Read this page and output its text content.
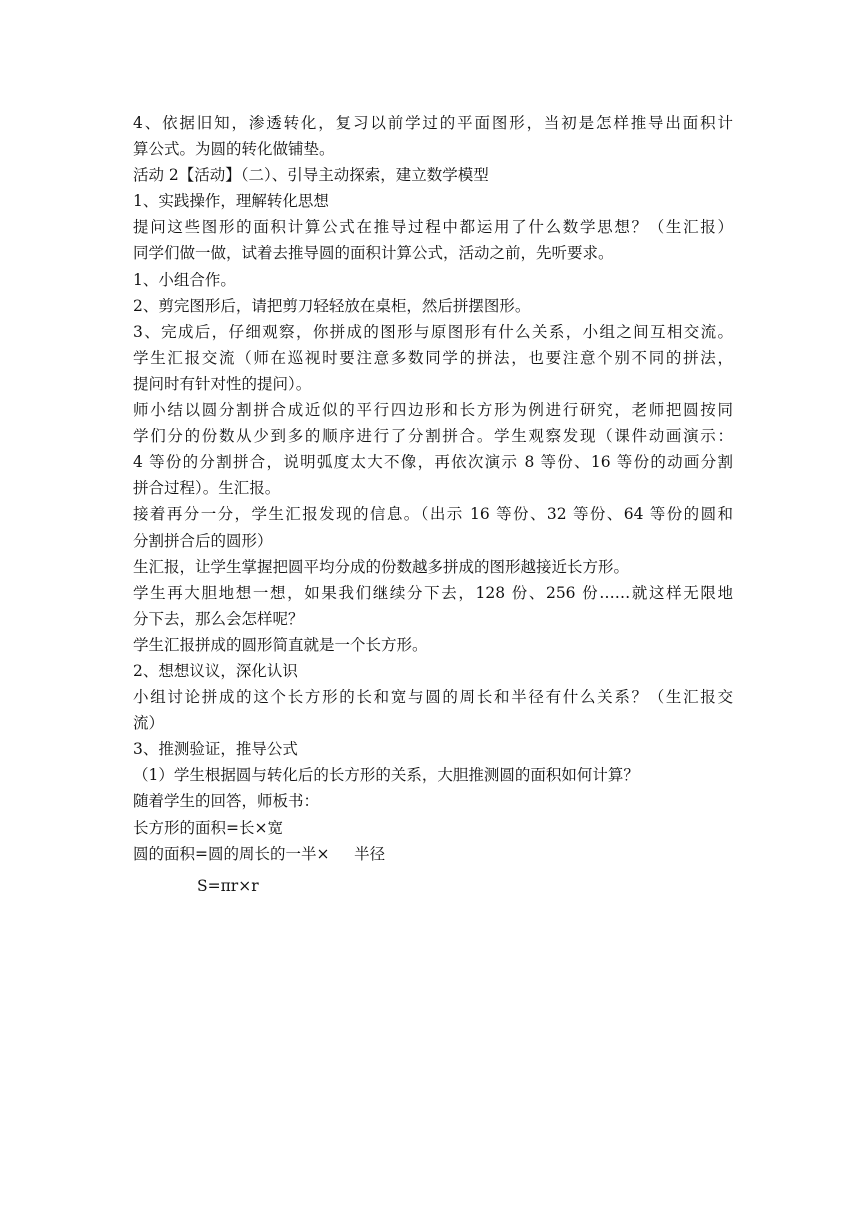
4、依据旧知，渗透转化，复习以前学过的平面图形，当初是怎样推导出面积计
算公式。为圆的转化做铺垫。
活动 2【活动】（二）、引导主动探索，建立数学模型
1、实践操作，理解转化思想
提问这些图形的面积计算公式在推导过程中都运用了什么数学思想？（生汇报）
同学们做一做，试着去推导圆的面积计算公式，活动之前，先听要求。
1、小组合作。
2、剪完图形后，请把剪刀轻轻放在桌柜，然后拼摆图形。
3、完成后，仔细观察，你拼成的图形与原图形有什么关系，小组之间互相交流。
学生汇报交流（师在巡视时要注意多数同学的拼法，也要注意个别不同的拼法，
提问时有针对性的提问）。
师小结以圆分割拼合成近似的平行四边形和长方形为例进行研究，老师把圆按同
学们分的份数从少到多的顺序进行了分割拼合。学生观察发现（课件动画演示：
4 等份的分割拼合，说明弧度太大不像，再依次演示 8 等份、16 等份的动画分割
拼合过程）。生汇报。
接着再分一分，学生汇报发现的信息。（出示 16 等份、32 等份、64 等份的圆和
分割拼合后的圆形）
生汇报，让学生掌握把圆平均分成的份数越多拼成的图形越接近长方形。
学生再大胆地想一想，如果我们继续分下去，128 份、256 份……就这样无限地
分下去，那么会怎样呢？
学生汇报拼成的圆形简直就是一个长方形。
2、想想议议，深化认识
小组讨论拼成的这个长方形的长和宽与圆的周长和半径有什么关系？（生汇报交
流）
3、推测验证，推导公式
（1）学生根据圆与转化后的长方形的关系，大胆推测圆的面积如何计算？
随着学生的回答，师板书：
长方形的面积=长×宽
圆的面积=圆的周长的一半×     半径
S=πr×r
